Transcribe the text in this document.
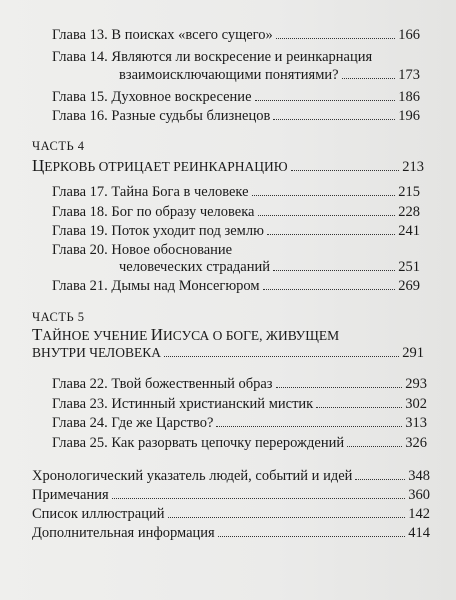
Глава 13. В поисках «всего сущего»	166
Глава 14. Являются ли воскресение и реинкарнация
взаимоисключающими понятиями?	173
Глава 15. Духовное воскресение	186
Глава 16. Разные судьбы близнецов	196
ЧАСТЬ 4
ЦЕРКОВЬ ОТРИЦАЕТ РЕИНКАРНАЦИЮ	213
Глава 17. Тайна Бога в человеке	215
Глава 18. Бог по образу человека	228
Глава 19. Поток уходит под землю	241
Глава 20. Новое обоснование
человеческих страданий	251
Глава 21. Дымы над Монсегюром	269
ЧАСТЬ 5
ТАЙНОЕ УЧЕНИЕ ИИСУСА О БОГЕ, ЖИВУЩЕМ
ВНУТРИ ЧЕЛОВЕКА	291
Глава 22. Твой божественный образ	293
Глава 23. Истинный христианский мистик	302
Глава 24. Где же Царство?	313
Глава 25. Как разорвать цепочку перерождений	326
Хронологический указатель людей, событий и идей	348
Примечания	360
Список иллюстраций	142
Дополнительная информация	414
